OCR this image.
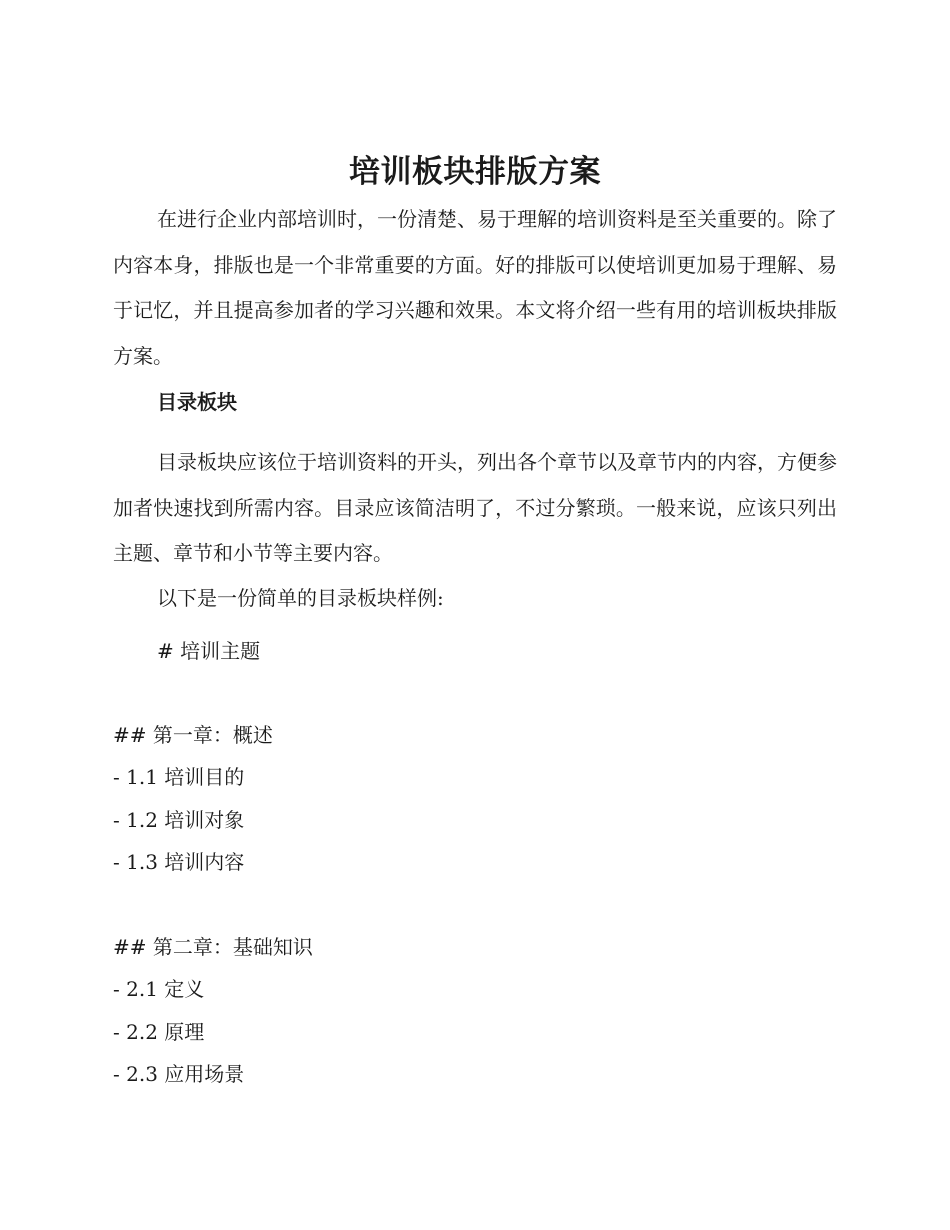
培训板块排版方案

在进行企业内部培训时，一份清楚、易于理解的培训资料是至关重要的。除了内容本身，排版也是一个非常重要的方面。好的排版可以使培训更加易于理解、易于记忆，并且提高参加者的学习兴趣和效果。本文将介绍一些有用的培训板块排版方案。

目录板块

目录板块应该位于培训资料的开头，列出各个章节以及章节内的内容，方便参加者快速找到所需内容。目录应该简洁明了，不过分繁琐。一般来说，应该只列出主题、章节和小节等主要内容。

以下是一份简单的目录板块样例:

# 培训主题
## 第一章：概述
- 1.1 培训目的
- 1.2 培训对象
- 1.3 培训内容
## 第二章：基础知识
- 2.1 定义
- 2.2 原理
- 2.3 应用场景
